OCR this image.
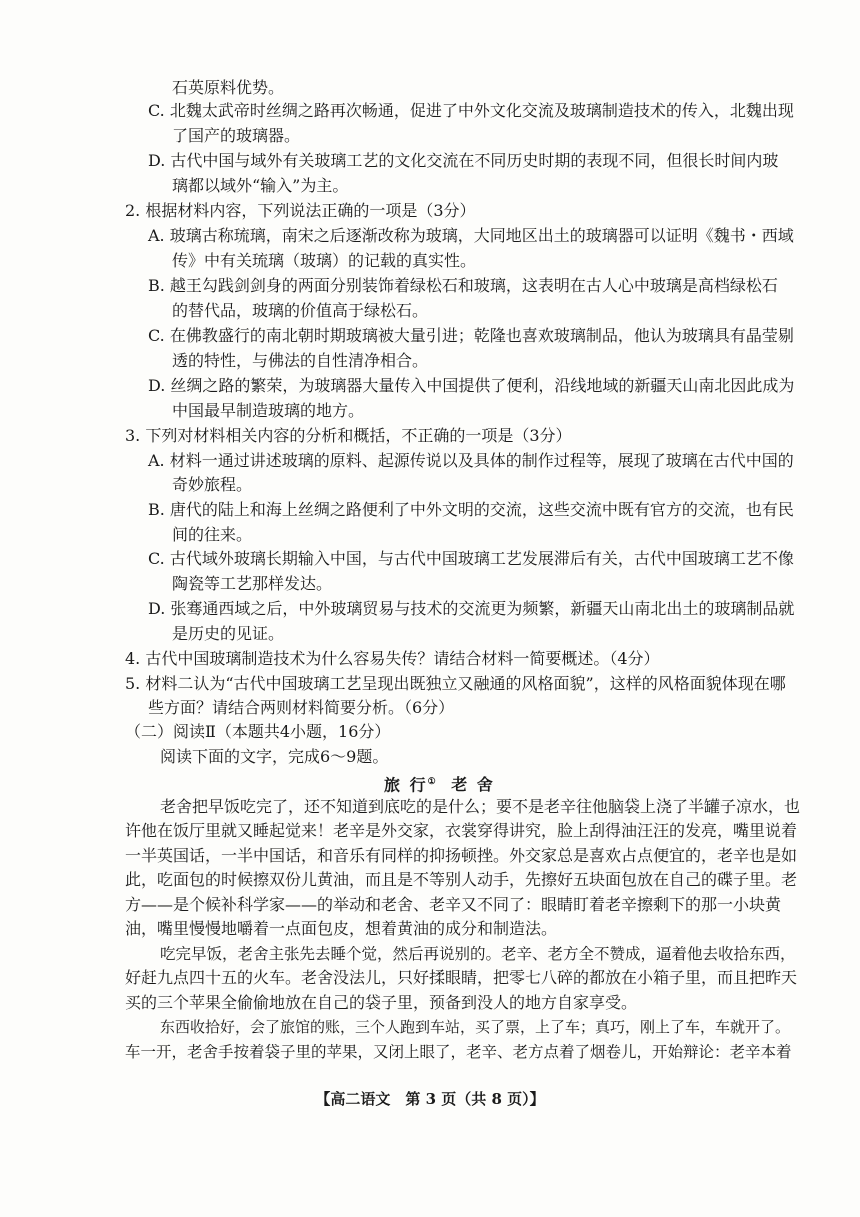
石英原料优势。
C. 北魏太武帝时丝绸之路再次畅通，促进了中外文化交流及玻璃制造技术的传入，北魏出现
了国产的玻璃器。
D. 古代中国与域外有关玻璃工艺的文化交流在不同历史时期的表现不同，但很长时间内玻
璃都以域外“输入”为主。
2. 根据材料内容，下列说法正确的一项是（3分）
A. 玻璃古称琉璃，南宋之后逐渐改称为玻璃，大同地区出土的玻璃器可以证明《魏书・西域
传》中有关琉璃（玻璃）的记载的真实性。
B. 越王勾践剑剑身的两面分别装饰着绿松石和玻璃，这表明在古人心中玻璃是高档绿松石
的替代品，玻璃的价值高于绿松石。
C. 在佛教盛行的南北朝时期玻璃被大量引进；乾隆也喜欢玻璃制品，他认为玻璃具有晶莹剔
透的特性，与佛法的自性清净相合。
D. 丝绸之路的繁荣，为玻璃器大量传入中国提供了便利，沿线地域的新疆天山南北因此成为
中国最早制造玻璃的地方。
3. 下列对材料相关内容的分析和概括，不正确的一项是（3分）
A. 材料一通过讲述玻璃的原料、起源传说以及具体的制作过程等，展现了玻璃在古代中国的
奇妙旅程。
B. 唐代的陆上和海上丝绸之路便利了中外文明的交流，这些交流中既有官方的交流，也有民
间的往来。
C. 古代域外玻璃长期输入中国，与古代中国玻璃工艺发展滞后有关，古代中国玻璃工艺不像
陶瓷等工艺那样发达。
D. 张骞通西域之后，中外玻璃贸易与技术的交流更为频繁，新疆天山南北出土的玻璃制品就
是历史的见证。
4. 古代中国玻璃制造技术为什么容易失传？请结合材料一简要概述。（4分）
5. 材料二认为“古代中国玻璃工艺呈现出既独立又融通的风格面貌”，这样的风格面貌体现在哪
些方面？请结合两则材料简要分析。（6分）
（二）阅读Ⅱ（本题共4小题，16分）
阅读下面的文字，完成6～9题。
旅 行① 老 舍
老舍把早饭吃完了，还不知道到底吃的是什么；要不是老辛往他脑袋上浇了半罐子凉水，也
许他在饭厅里就又睡起觉来！老辛是外交家，衣裳穿得讲究，脸上刮得油汪汪的发亮，嘴里说着
一半英国话，一半中国话，和音乐有同样的抑扬顿挫。外交家总是喜欢占点便宜的，老辛也是如
此，吃面包的时候擦双份儿黄油，而且是不等别人动手，先擦好五块面包放在自己的碟子里。老
方——是个候补科学家——的举动和老舍、老辛又不同了：眼睛盯着老辛擦剩下的那一小块黄
油，嘴里慢慢地嚼着一点面包皮，想着黄油的成分和制造法。
吃完早饭，老舍主张先去睡个觉，然后再说别的。老辛、老方全不赞成，逼着他去收拾东西，
好赶九点四十五的火车。老舍没法儿，只好揉眼睛，把零七八碎的都放在小箱子里，而且把昨天
买的三个苹果全偷偷地放在自己的袋子里，预备到没人的地方自家享受。
东西收拾好，会了旅馆的账，三个人跑到车站，买了票，上了车；真巧，刚上了车，车就开了。
车一开，老舍手按着袋子里的苹果，又闭上眼了，老辛、老方点着了烟卷儿，开始辩论：老辛本着
【高二语文　第 3 页（共 8 页）】
